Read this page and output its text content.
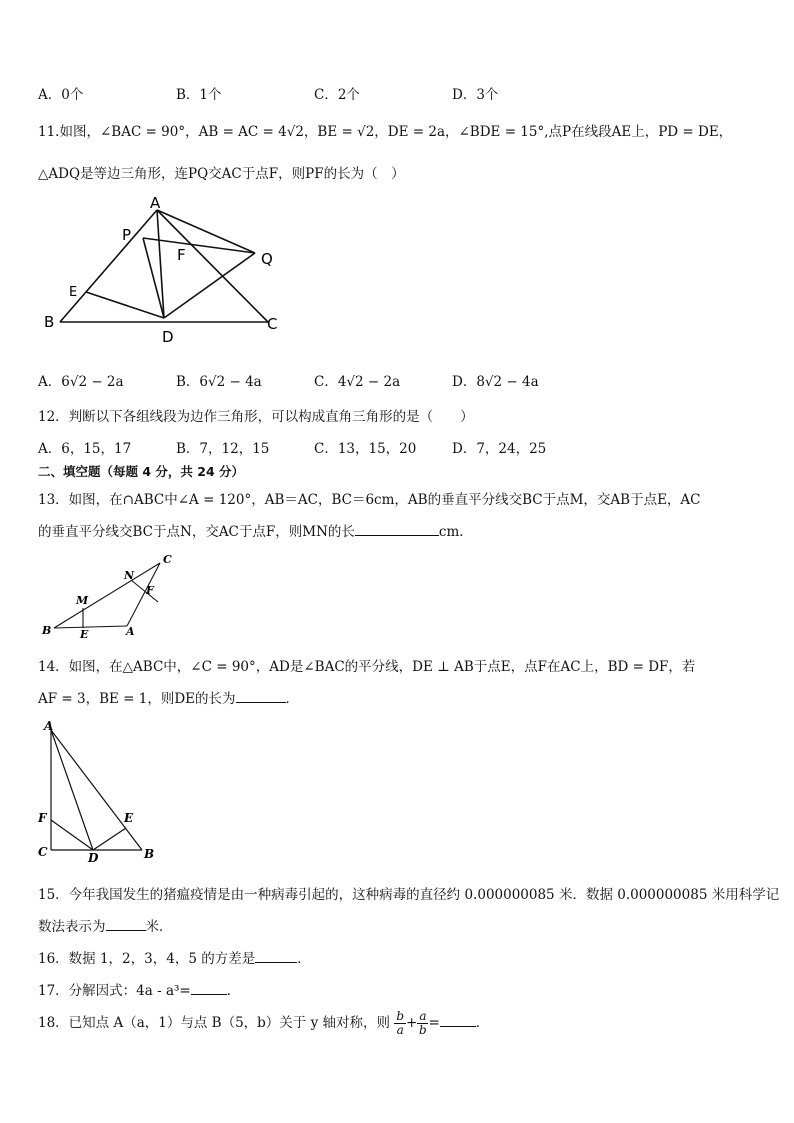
A．0个	B．1个	C．2个	D．3个
11.如图，∠BAC = 90°，AB = AC = 4√2，BE = √2，DE = 2a，∠BDE = 15°,点P在线段AE上，PD = DE，
△ADQ是等边三角形，连PQ交AC于点F，则PF的长为（　）
A
P
F	Q
E
B
D
C
A．6√2 − 2a	B．6√2 − 4a	C．4√2 − 2a	D．8√2 − 4a
12．判断以下各组线段为边作三角形，可以构成直角三角形的是（　　）
A．6，15，17	B．7，12，15	C．13，15，20	D．7，24，25
二、填空题（每题 4 分，共 24 分）
13．如图，在∩ABC中∠A = 120°，AB＝AC，BC＝6cm，AB的垂直平分线交BC于点M，交AB于点E，AC
的垂直平分线交BC于点N，交AC于点F，则MN的长	cm．
C
N
M
F
B	E	A
14．如图，在△ABC中，∠C = 90°，AD是∠BAC的平分线，DE ⊥ AB于点E，点F在AC上，BD = DF，若
AF = 3，BE = 1，则DE的长为	．
A
F	E
C	D	B
15．今年我国发生的猪瘟疫情是由一种病毒引起的，这种病毒的直径约 0.000000085 米．数据 0.000000085 米用科学记
数法表示为	米．
16．数据 1，2，3，4，5 的方差是	．
17．分解因式：4a - a³=	．
18．已知点 A（a，1）与点 B（5，b）关于 y 轴对称，则 $\frac{b}{a} + \frac{a}{b}$ =	．
